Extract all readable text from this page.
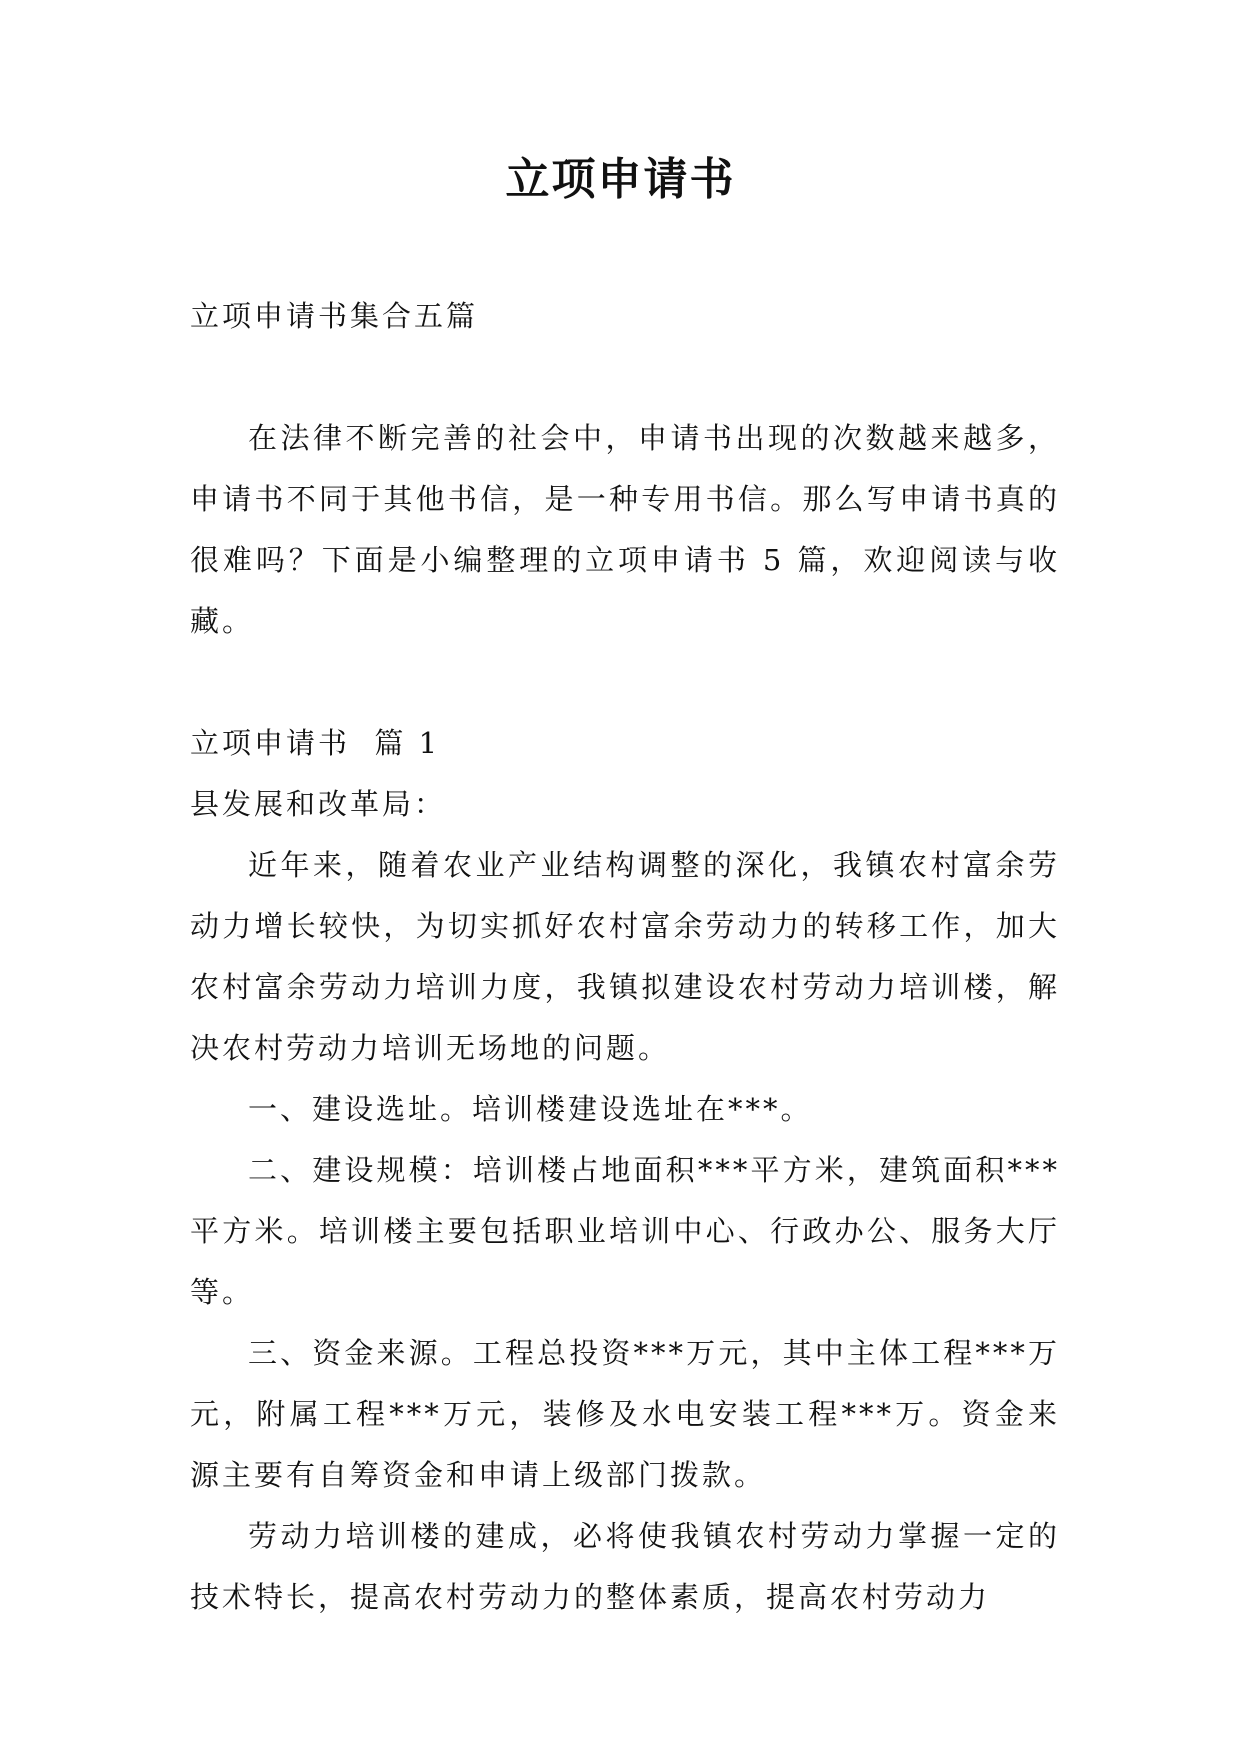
立项申请书

立项申请书集合五篇

在法律不断完善的社会中，申请书出现的次数越来越多，申请书不同于其他书信，是一种专用书信。那么写申请书真的很难吗？下面是小编整理的立项申请书 5 篇，欢迎阅读与收藏。

立项申请书  篇 1

县发展和改革局：

近年来，随着农业产业结构调整的深化，我镇农村富余劳动力增长较快，为切实抓好农村富余劳动力的转移工作，加大农村富余劳动力培训力度，我镇拟建设农村劳动力培训楼，解决农村劳动力培训无场地的问题。

一、建设选址。培训楼建设选址在***。

二、建设规模：培训楼占地面积***平方米，建筑面积***平方米。培训楼主要包括职业培训中心、行政办公、服务大厅等。

三、资金来源。工程总投资***万元，其中主体工程***万元，附属工程***万元，装修及水电安装工程***万。资金来源主要有自筹资金和申请上级部门拨款。

劳动力培训楼的建成，必将使我镇农村劳动力掌握一定的技术特长，提高农村劳动力的整体素质，提高农村劳动力
